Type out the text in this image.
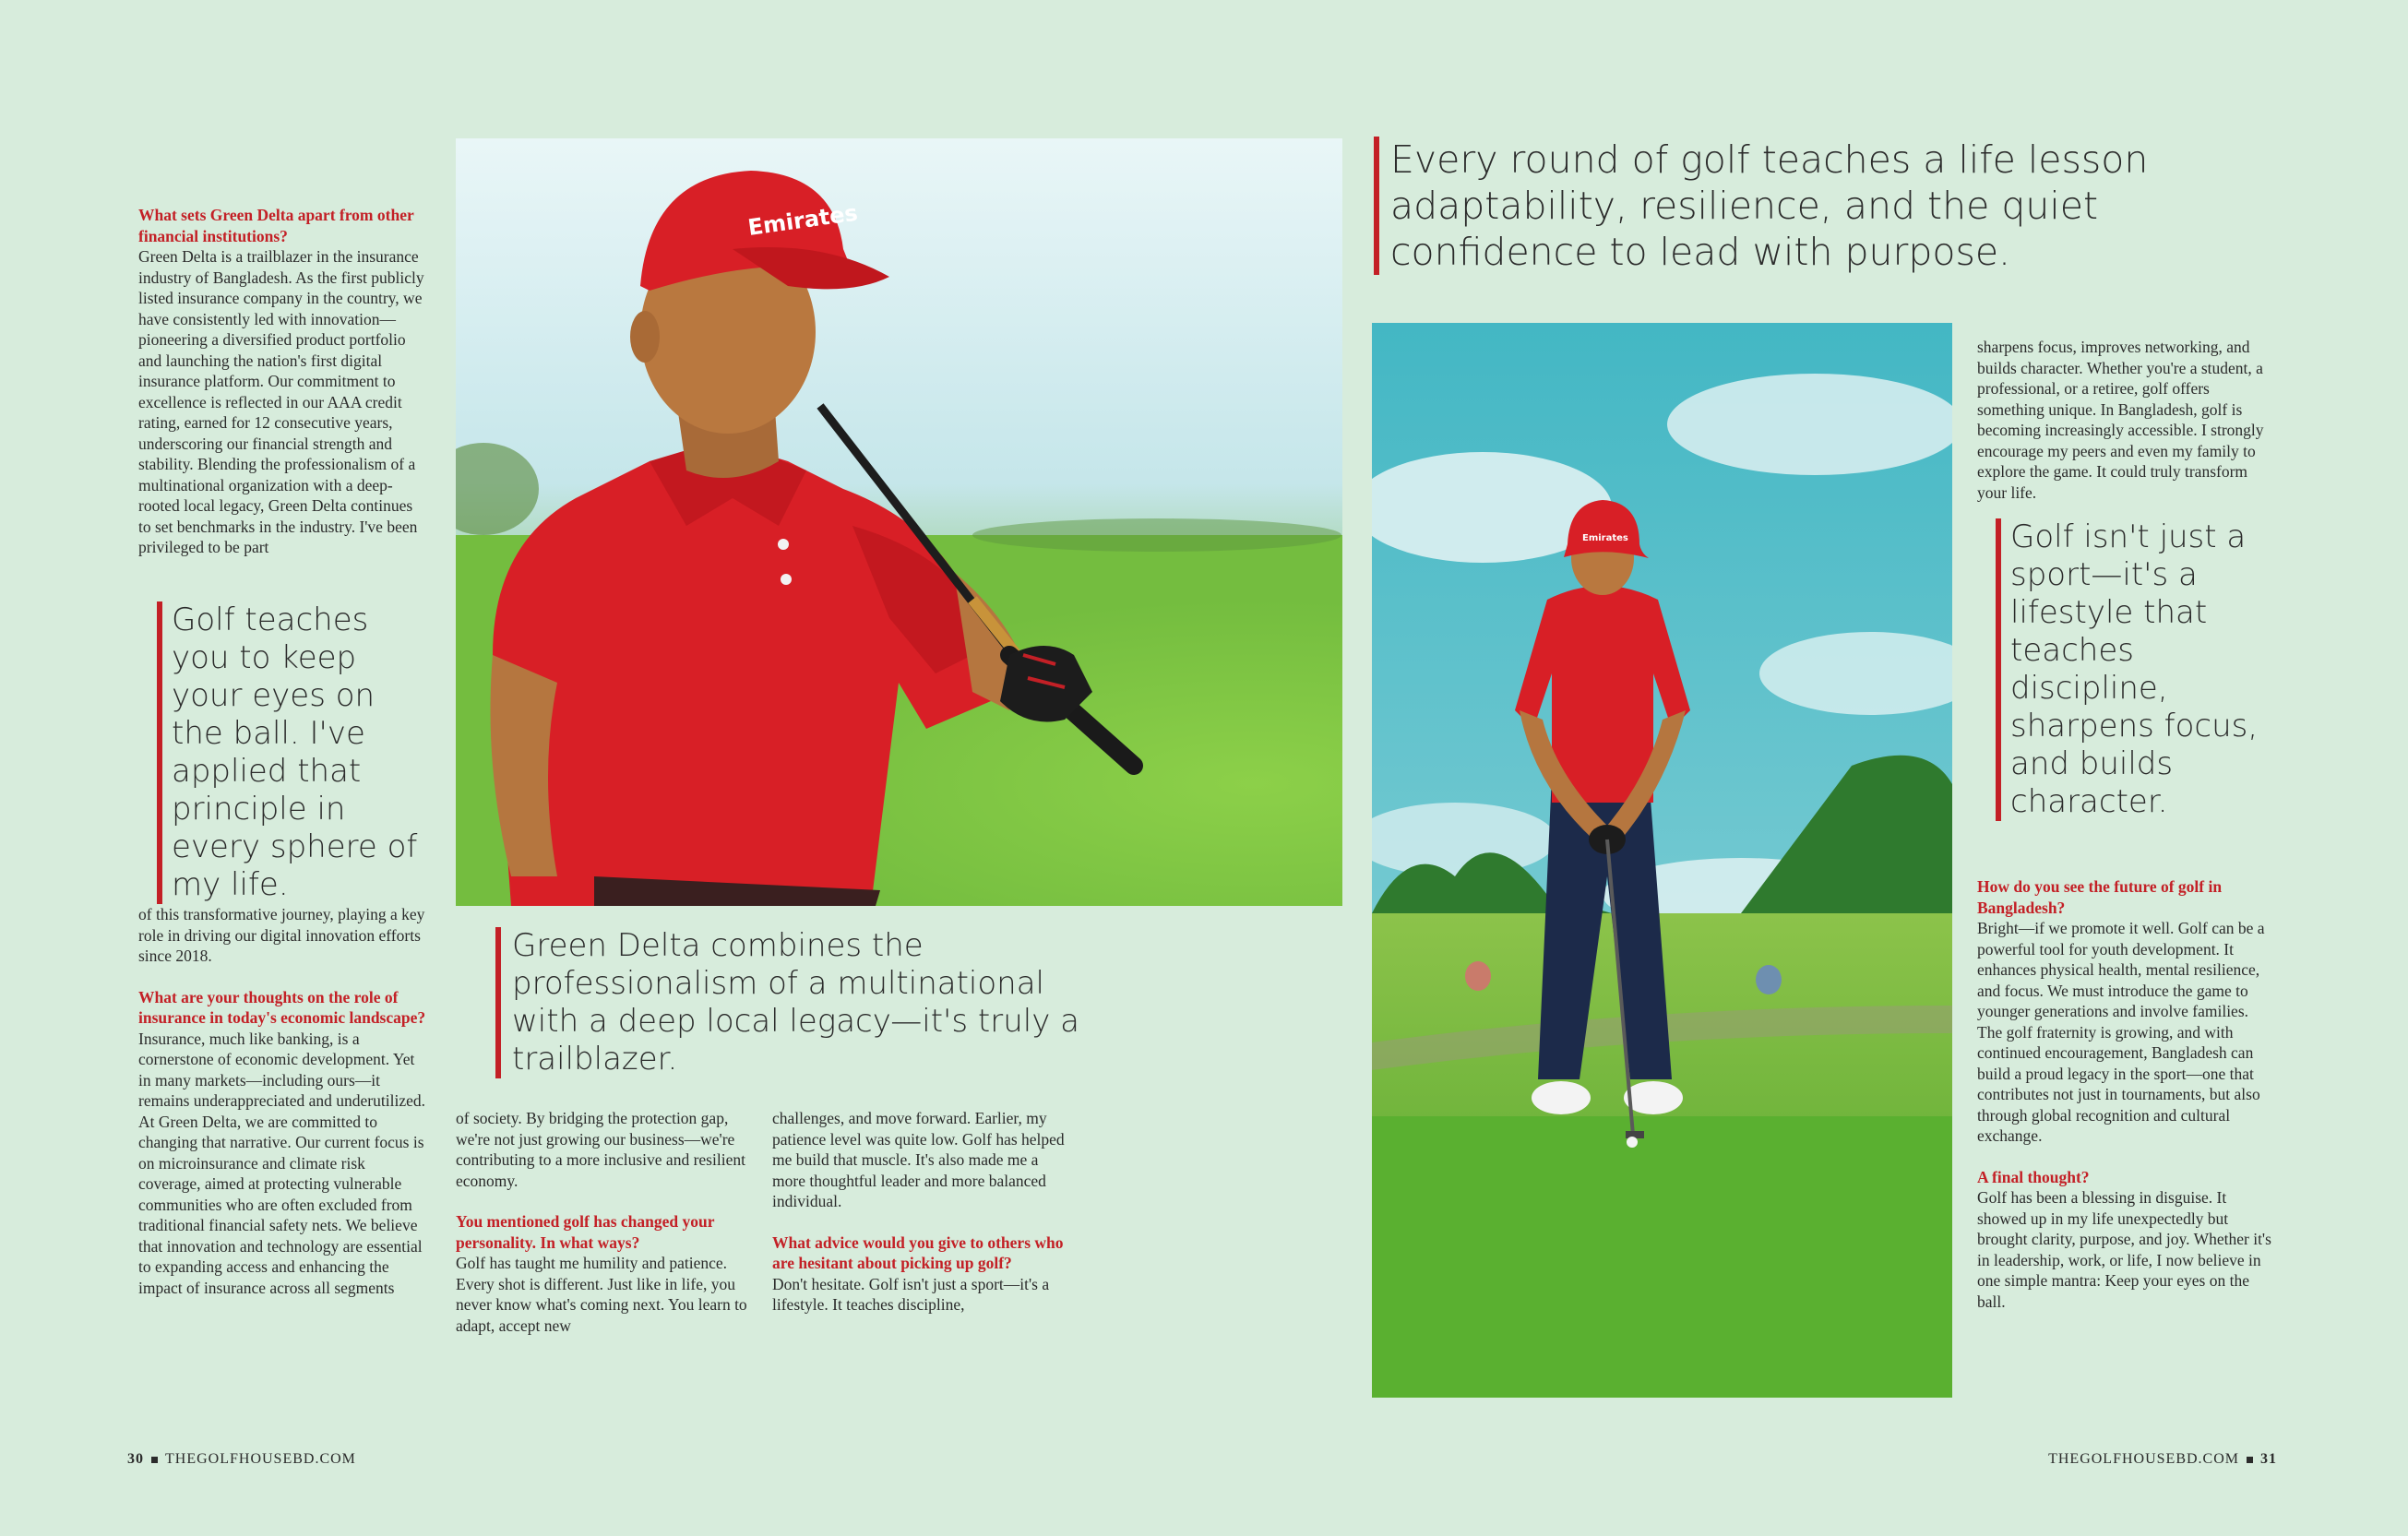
What sets Green Delta apart from other financial institutions?
Green Delta is a trailblazer in the insurance industry of Bangladesh. As the first publicly listed insurance company in the country, we have consistently led with innovation—pioneering a diversified product portfolio and launching the nation's first digital insurance platform. Our commitment to excellence is reflected in our AAA credit rating, earned for 12 consecutive years, underscoring our financial strength and stability. Blending the professionalism of a multinational organization with a deep-rooted local legacy, Green Delta continues to set benchmarks in the industry. I've been privileged to be part
Golf teaches you to keep your eyes on the ball. I've applied that principle in every sphere of my life.
of this transformative journey, playing a key role in driving our digital innovation efforts since 2018.
What are your thoughts on the role of insurance in today's economic landscape?
Insurance, much like banking, is a cornerstone of economic development. Yet in many markets—including ours—it remains underappreciated and underutilized. At Green Delta, we are committed to changing that narrative. Our current focus is on microinsurance and climate risk coverage, aimed at protecting vulnerable communities who are often excluded from traditional financial safety nets. We believe that innovation and technology are essential to expanding access and enhancing the impact of insurance across all segments
Emirates
Green Delta combines the professionalism of a multinational with a deep local legacy—it's truly a trailblazer.
of society. By bridging the protection gap, we're not just growing our business—we're contributing to a more inclusive and resilient economy.
You mentioned golf has changed your personality. In what ways?
Golf has taught me humility and patience. Every shot is different. Just like in life, you never know what's coming next. You learn to adapt, accept new
challenges, and move forward. Earlier, my patience level was quite low. Golf has helped me build that muscle. It's also made me a more thoughtful leader and more balanced individual.
What advice would you give to others who are hesitant about picking up golf?
Don't hesitate. Golf isn't just a sport—it's a lifestyle. It teaches discipline,
30 THEGOLFHOUSEBD.COM
Every round of golf teaches a life lesson adaptability, resilience, and the quiet confidence to lead with purpose.
Emirates
sharpens focus, improves networking, and builds character. Whether you're a student, a professional, or a retiree, golf offers something unique. In Bangladesh, golf is becoming increasingly accessible. I strongly encourage my peers and even my family to explore the game. It could truly transform your life.
Golf isn't just a sport—it's a lifestyle that teaches discipline, sharpens focus, and builds character.
How do you see the future of golf in Bangladesh?
Bright—if we promote it well. Golf can be a powerful tool for youth development. It enhances physical health, mental resilience, and focus. We must introduce the game to younger generations and involve families. The golf fraternity is growing, and with continued encouragement, Bangladesh can build a proud legacy in the sport—one that contributes not just in tournaments, but also through global recognition and cultural exchange.
A final thought?
Golf has been a blessing in disguise. It showed up in my life unexpectedly but brought clarity, purpose, and joy. Whether it's in leadership, work, or life, I now believe in one simple mantra: Keep your eyes on the ball.
THEGOLFHOUSEBD.COM 31
